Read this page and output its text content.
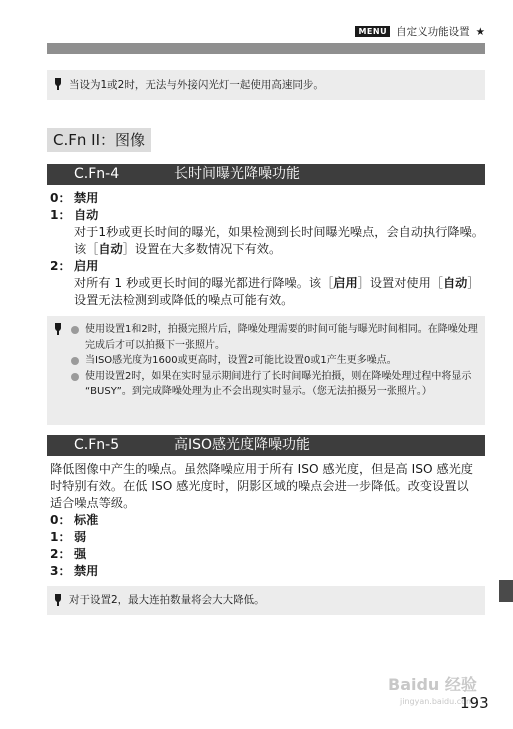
MENU 自定义功能设置 ★
当设为1或2时，无法与外接闪光灯一起使用高速同步。
C.Fn II：图像
C.Fn-4	长时间曝光降噪功能
0： 禁用
1： 自动
对于1秒或更长时间的曝光，如果检测到长时间曝光噪点，会自动执行降噪。该［自动］设置在大多数情况下有效。
2： 启用
对所有 1 秒或更长时间的曝光都进行降噪。该［启用］设置对使用［自动］设置无法检测到或降低的噪点可能有效。
使用设置1和2时，拍摄完照片后，降噪处理需要的时间可能与曝光时间相同。在降噪处理完成后才可以拍摄下一张照片。
当ISO感光度为1600或更高时，设置2可能比设置0或1产生更多噪点。
使用设置2时，如果在实时显示期间进行了长时间曝光拍摄，则在降噪处理过程中将显示 “BUSY”。到完成降噪处理为止不会出现实时显示。（您无法拍摄另一张照片。）
C.Fn-5	高ISO感光度降噪功能
降低图像中产生的噪点。虽然降噪应用于所有 ISO 感光度，但是高 ISO 感光度时特别有效。在低 ISO 感光度时，阴影区域的噪点会进一步降低。改变设置以适合噪点等级。
0： 标准
1： 弱
2： 强
3： 禁用
对于设置2，最大连拍数量将会大大降低。
Baidu 经验
jingyan.baidu.com
193
